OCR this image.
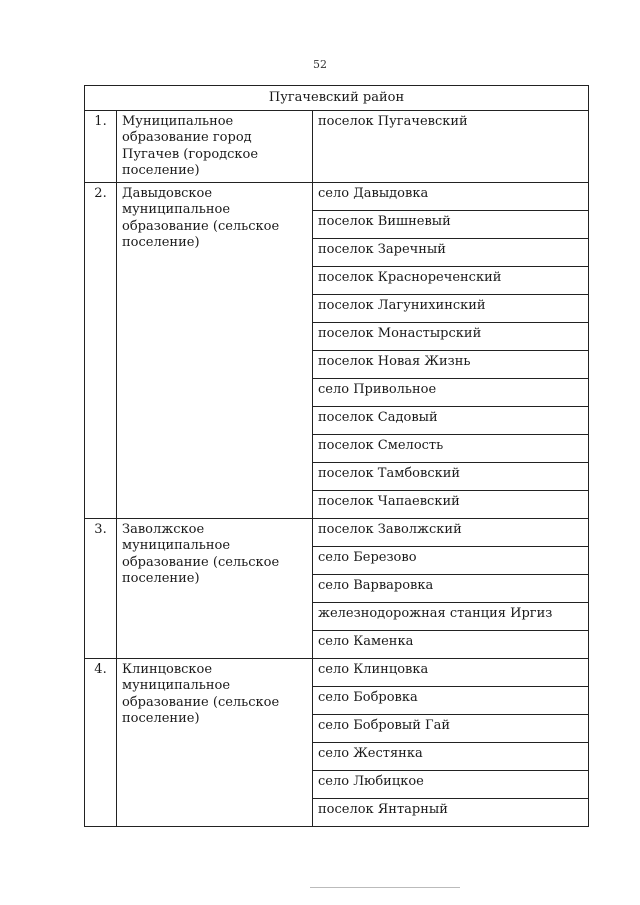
52
Пугачевский район		
1.	Муниципальное образование город Пугачев (городское поселение)	поселок Пугачевский
2.	Давыдовское муниципальное образование (сельское поселение)	село Давыдовка
		поселок Вишневый
		поселок Заречный
		поселок Краснореченский
		поселок Лагунихинский
		поселок Монастырский
		поселок Новая Жизнь
		село Привольное
		поселок Садовый
		поселок Смелость
		поселок Тамбовский
		поселок Чапаевский
3.	Заволжское муниципальное образование (сельское поселение)	поселок Заволжский
		село Березово
		село Варваровка
		железнодорожная станция Иргиз
		село Каменка
4.	Клинцовское муниципальное образование (сельское поселение)	село Клинцовка
		село Бобровка
		село Бобровый Гай
		село Жестянка
		село Любицкое
		поселок Янтарный
